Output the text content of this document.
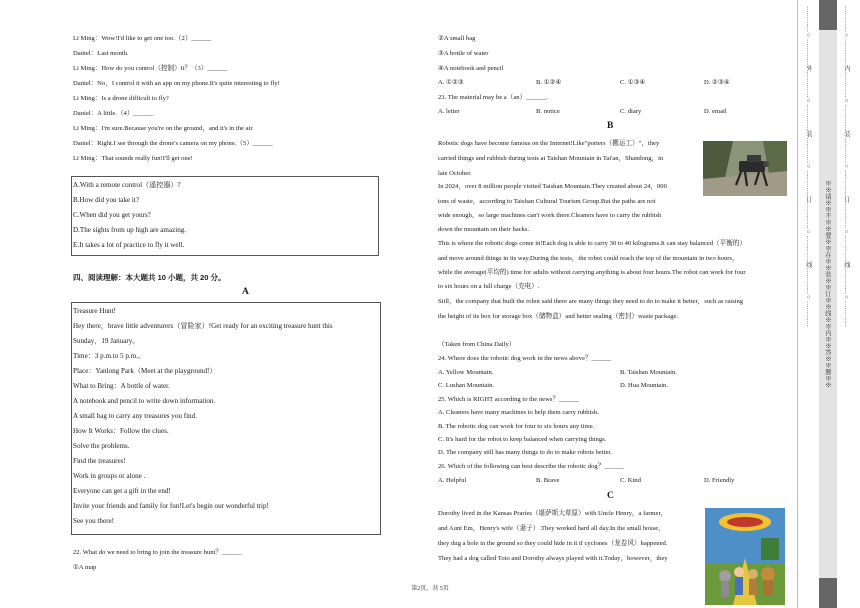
Li Ming：Wow!I'd like to get one too.（2）______
Daniel：Last month.
Li Ming：How do you control（控制）it？（3）______
Daniel：No，I control it with an app on my phone.It's quite interesting to fly!
Li Ming：Is a drone difficult to fly?
Daniel：A little.（4）______
Li Ming：I'm sure.Because you're on the ground，and it's in the air.
Daniel：Right.I see through the drone's camera on my phone.（5）______
Li Ming：That sounds really fun!I'll get one!
A.With a remote control（遥控器）?
B.How did you take it?
C.When did you get yours?
D.The sights from up high are amazing.
E.It takes a lot of practice to fly it well.
四、阅读理解：本大题共 10 小题，共 20 分。
A
Treasure Hunt!
Hey there，brave little adventurers（冒险家）!Get ready for an exciting treasure hunt this
Sunday，19 January。
Time：3 p.m.to 5 p.m.。
Place：Yanlong Park（Meet at the playground!）
What to Bring：A bottle of water.
A notebook and pencil to write down information.
A small bag to carry any treasures you find.
How It Works：Follow the clues.
Solve the problems.
Find the treasures!
Work in groups or alone .
Everyone can get a gift in the end!
Invite your friends and family for fun!Let's begin our wonderful trip!
See you there!
22. What do we need to bring to join the treasure hunt？______
①A map
②A small bag
③A bottle of water
④A notebook and pencil
A. ①②③	B. ①②④	C. ①③④	D. ②③④
23. The material may be a（an）______.
A. letter	B. notice	C. diary	D. email
B
Robotic dogs have become famous on the Internet!Like"porters（搬运工）"，they
carried things and rubbish during tests at Taishan Mountain in Tai'an，Shandong，in
late October.
In 2024，over 8 million people visited Taishan Mountain.They created about 24，000
tons of waste，according to Taishan Cultural Tourism Group.But the paths are not
wide enough，so large machines can't work there.Cleaners have to carry the rubbish
down the mountain on their backs.
This is where the robotic dogs come in!Each dog is able to carry 30 to 40 kilograms.It can stay balanced（平衡的）
and move around things in its way.During the tests，the robot could reach the top of the mountain in two hours，
while the average(平均的) time for adults without carrying anything is about four hours.The robot can work for four
to six hours on a full charge（充电）.
Still，the company that built the robot said there are many things they need to do to make it better，such as raising
the height of its box for storage box（储物盒）and better sealing（密封）waste package.
（Taken from China Daily）
24. Where does the robotic dog work in the news above？______
A. Yellow Mountain.	B. Taishan Mountain.
C. Lushan Mountain.	D. Hua Mountain.
25. Which is RIGHT according to the news？______
A. Cleaners have many machines to help them carry rubbish.
B. The robotic dog can work for four to six hours any time.
C. It's hard for the robot to keep balanced when carrying things.
D. The company still has many things to do to make robots better.
26. Which of the following can best describe the robotic dog？______
A. Helpful	B. Brave	C. Kind	D. Friendly
C
Dorothy lived in the Kansas Praries（堪萨斯大草原）with Uncle Henry，a farmer，
and Aunt Em，Henry's wife（妻子）.They worked hard all day.In the small house，
they dug a hole in the ground so they could hide in it if cyclones（龙卷风）happened.
They had a dog called Toto and Dorothy always played with it.Today，however，they
第2页，共 5页
…………○…………外…………○…………装…………○…………订…………○…………线…………○………… ※※请※※不※※要※※在※※装※※订※※线※※内※※答※※题※※ …………○…………内…………○…………装…………○…………订…………○…………线…………○…………
